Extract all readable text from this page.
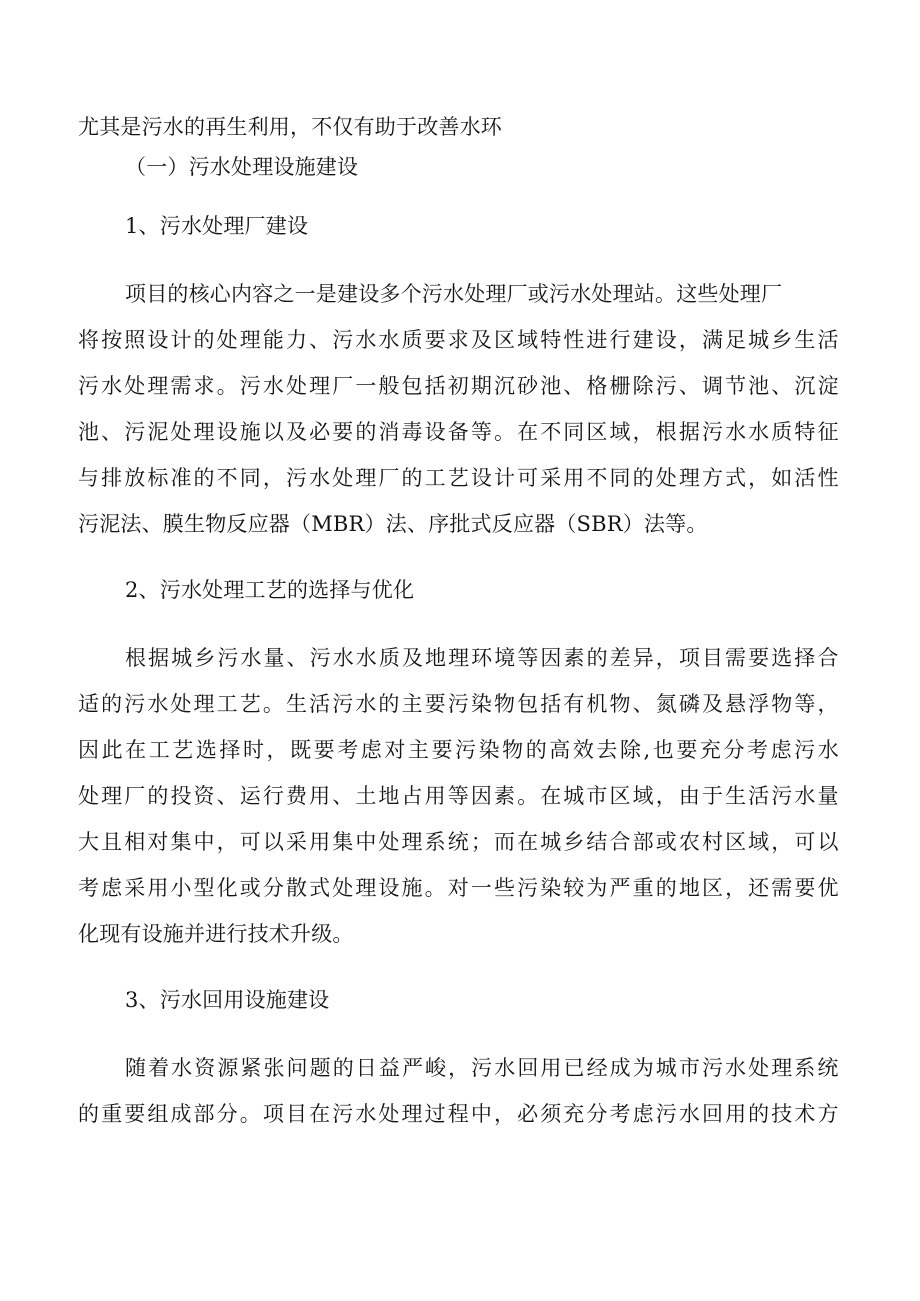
尤其是污水的再生利用，不仅有助于改善水环
（一）污水处理设施建设
1、污水处理厂建设
项目的核心内容之一是建设多个污水处理厂或污水处理站。这些处理厂
将 按 照 设 计 的 处 理 能 力 、 污 水 水 质 要 求 及 区 域 特 性 进 行 建 设 ， 满 足 城 乡 生 活
污 水 处 理 需 求 。 污 水 处 理 厂 一 般 包 括 初 期 沉 砂 池 、 格 栅 除 污 、 调 节 池 、 沉 淀
池 、 污 泥 处 理 设 施 以 及 必 要 的 消 毒 设 备 等 。 在 不 同 区 域 ， 根 据 污 水 水 质 特 征
与 排 放 标 准 的 不 同 ， 污 水 处 理 厂 的 工 艺 设 计 可 采 用 不 同 的 处 理 方 式 ， 如 活 性
污泥法、膜生物反应器（MBR）法、序批式反应器（SBR）法等。
2、污水处理工艺的选择与优化
根 据 城 乡 污 水 量 、 污 水 水 质 及 地 理 环 境 等 因 素 的 差 异 ， 项 目 需 要 选 择 合
适 的 污 水 处 理 工 艺 。 生 活 污 水 的 主 要 污 染 物 包 括 有 机 物 、 氮 磷 及 悬 浮 物 等 ，
因 此 在 工 艺 选 择 时 ， 既 要 考 虑 对 主 要 污 染 物 的 高 效 去 除 , 也 要 充 分 考 虑 污 水
处 理 厂 的 投 资 、 运 行 费 用 、 土 地 占 用 等 因 素 。 在 城 市 区 域 ， 由 于 生 活 污 水 量
大 且 相 对 集 中 ， 可 以 采 用 集 中 处 理 系 统 ； 而 在 城 乡 结 合 部 或 农 村 区 域 ， 可 以
考 虑 采 用 小 型 化 或 分 散 式 处 理 设 施 。 对 一 些 污 染 较 为 严 重 的 地 区 ， 还 需 要 优
化现有设施并进行技术升级。
3、污水回用设施建设
随 着 水 资 源 紧 张 问 题 的 日 益 严 峻 ， 污 水 回 用 已 经 成 为 城 市 污 水 处 理 系 统
的 重 要 组 成 部 分 。 项 目 在 污 水 处 理 过 程 中 ， 必 须 充 分 考 虑 污 水 回 用 的 技 术 方
